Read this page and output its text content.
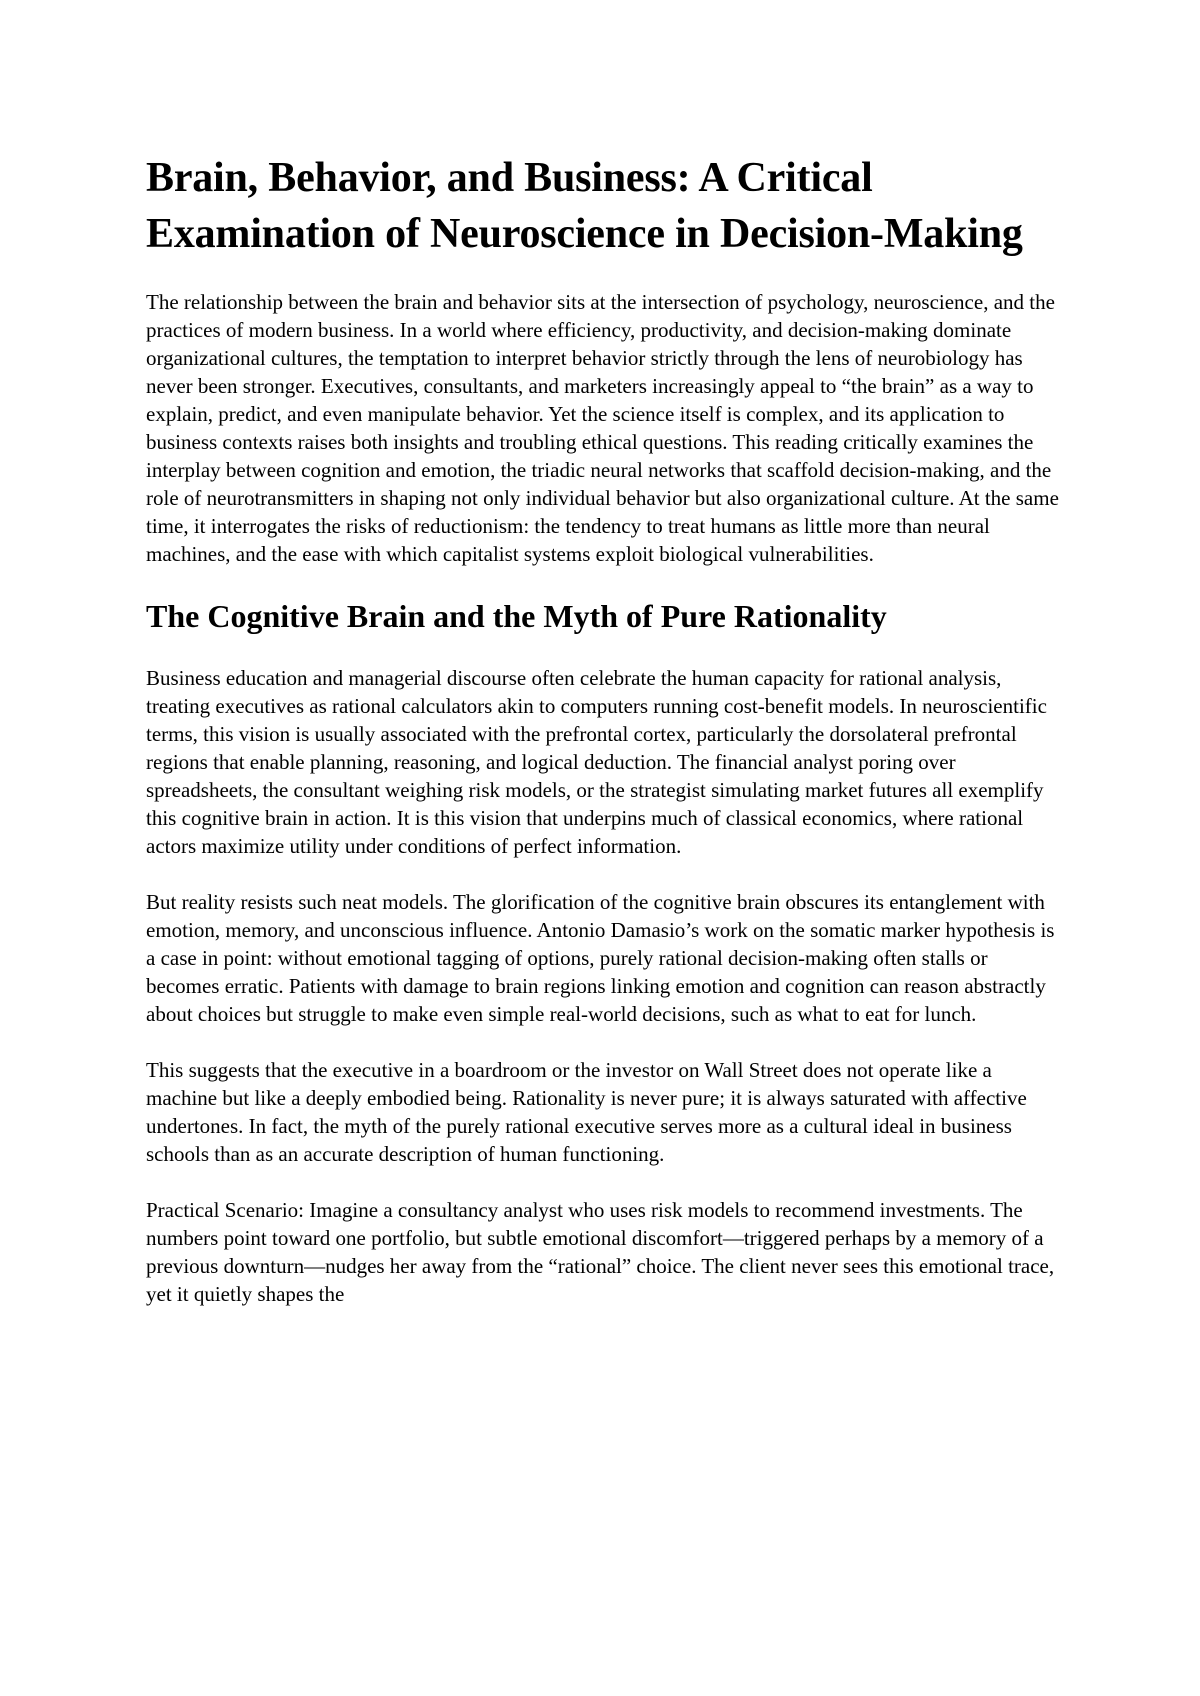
Brain, Behavior, and Business: A Critical Examination of Neuroscience in Decision-Making

The relationship between the brain and behavior sits at the intersection of psychology, neuroscience, and the practices of modern business. In a world where efficiency, productivity, and decision-making dominate organizational cultures, the temptation to interpret behavior strictly through the lens of neurobiology has never been stronger. Executives, consultants, and marketers increasingly appeal to “the brain” as a way to explain, predict, and even manipulate behavior. Yet the science itself is complex, and its application to business contexts raises both insights and troubling ethical questions. This reading critically examines the interplay between cognition and emotion, the triadic neural networks that scaffold decision-making, and the role of neurotransmitters in shaping not only individual behavior but also organizational culture. At the same time, it interrogates the risks of reductionism: the tendency to treat humans as little more than neural machines, and the ease with which capitalist systems exploit biological vulnerabilities.

The Cognitive Brain and the Myth of Pure Rationality

Business education and managerial discourse often celebrate the human capacity for rational analysis, treating executives as rational calculators akin to computers running cost-benefit models. In neuroscientific terms, this vision is usually associated with the prefrontal cortex, particularly the dorsolateral prefrontal regions that enable planning, reasoning, and logical deduction. The financial analyst poring over spreadsheets, the consultant weighing risk models, or the strategist simulating market futures all exemplify this cognitive brain in action. It is this vision that underpins much of classical economics, where rational actors maximize utility under conditions of perfect information.

But reality resists such neat models. The glorification of the cognitive brain obscures its entanglement with emotion, memory, and unconscious influence. Antonio Damasio’s work on the somatic marker hypothesis is a case in point: without emotional tagging of options, purely rational decision-making often stalls or becomes erratic. Patients with damage to brain regions linking emotion and cognition can reason abstractly about choices but struggle to make even simple real-world decisions, such as what to eat for lunch.

This suggests that the executive in a boardroom or the investor on Wall Street does not operate like a machine but like a deeply embodied being. Rationality is never pure; it is always saturated with affective undertones. In fact, the myth of the purely rational executive serves more as a cultural ideal in business schools than as an accurate description of human functioning.

Practical Scenario: Imagine a consultancy analyst who uses risk models to recommend investments. The numbers point toward one portfolio, but subtle emotional discomfort—triggered perhaps by a memory of a previous downturn—nudges her away from the “rational” choice. The client never sees this emotional trace, yet it quietly shapes the
